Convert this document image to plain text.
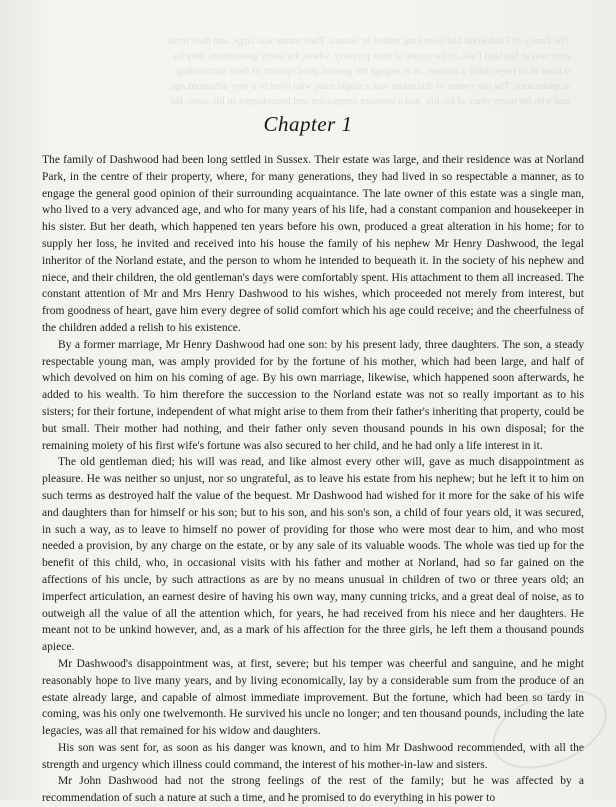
The family of Dashwood had been long settled in Sussex. Their estate was large, and their resid
ence was at Norland Park, in the centre of their property, where, for many generations, they ha
d lived in so respectable a manner, as to engage the general good opinion of their surrounding
acquaintance. The late owner of this estate was a single man, who lived to a very advanced age,
and who for many years of his life, had a constant companion and housekeeper in his sister. Bu
Chapter 1

The family of Dashwood had been long settled in Sussex. Their estate was large, and their residence was at Norland Park, in the centre of their property, where, for many generations, they had lived in so respectable a manner, as to engage the general good opinion of their surrounding acquaintance. The late owner of this estate was a single man, who lived to a very advanced age, and who for many years of his life, had a constant companion and housekeeper in his sister. But her death, which happened ten years before his own, produced a great alteration in his home; for to supply her loss, he invited and received into his house the family of his nephew Mr Henry Dashwood, the legal inheritor of the Norland estate, and the person to whom he intended to bequeath it. In the society of his nephew and niece, and their children, the old gentleman's days were comfortably spent. His attachment to them all increased. The constant attention of Mr and Mrs Henry Dashwood to his wishes, which proceeded not merely from interest, but from goodness of heart, gave him every degree of solid comfort which his age could receive; and the cheerfulness of the children added a relish to his existence.

By a former marriage, Mr Henry Dashwood had one son: by his present lady, three daughters. The son, a steady respectable young man, was amply provided for by the fortune of his mother, which had been large, and half of which devolved on him on his coming of age. By his own marriage, likewise, which happened soon afterwards, he added to his wealth. To him therefore the succession to the Norland estate was not so really important as to his sisters; for their fortune, independent of what might arise to them from their father's inheriting that property, could be but small. Their mother had nothing, and their father only seven thousand pounds in his own disposal; for the remaining moiety of his first wife's fortune was also secured to her child, and he had only a life interest in it.

The old gentleman died; his will was read, and like almost every other will, gave as much disappointment as pleasure. He was neither so unjust, nor so ungrateful, as to leave his estate from his nephew; but he left it to him on such terms as destroyed half the value of the bequest. Mr Dashwood had wished for it more for the sake of his wife and daughters than for himself or his son; but to his son, and his son's son, a child of four years old, it was secured, in such a way, as to leave to himself no power of providing for those who were most dear to him, and who most needed a provision, by any charge on the estate, or by any sale of its valuable woods. The whole was tied up for the benefit of this child, who, in occasional visits with his father and mother at Norland, had so far gained on the affections of his uncle, by such attractions as are by no means unusual in children of two or three years old; an imperfect articulation, an earnest desire of having his own way, many cunning tricks, and a great deal of noise, as to outweigh all the value of all the attention which, for years, he had received from his niece and her daughters. He meant not to be unkind however, and, as a mark of his affection for the three girls, he left them a thousand pounds apiece.

Mr Dashwood's disappointment was, at first, severe; but his temper was cheerful and sanguine, and he might reasonably hope to live many years, and by living economically, lay by a considerable sum from the produce of an estate already large, and capable of almost immediate improvement. But the fortune, which had been so tardy in coming, was his only one twelvemonth. He survived his uncle no longer; and ten thousand pounds, including the late legacies, was all that remained for his widow and daughters.

His son was sent for, as soon as his danger was known, and to him Mr Dashwood recommended, with all the strength and urgency which illness could command, the interest of his mother-in-law and sisters.

Mr John Dashwood had not the strong feelings of the rest of the family; but he was affected by a recommendation of such a nature at such a time, and he promised to do everything in his power to
